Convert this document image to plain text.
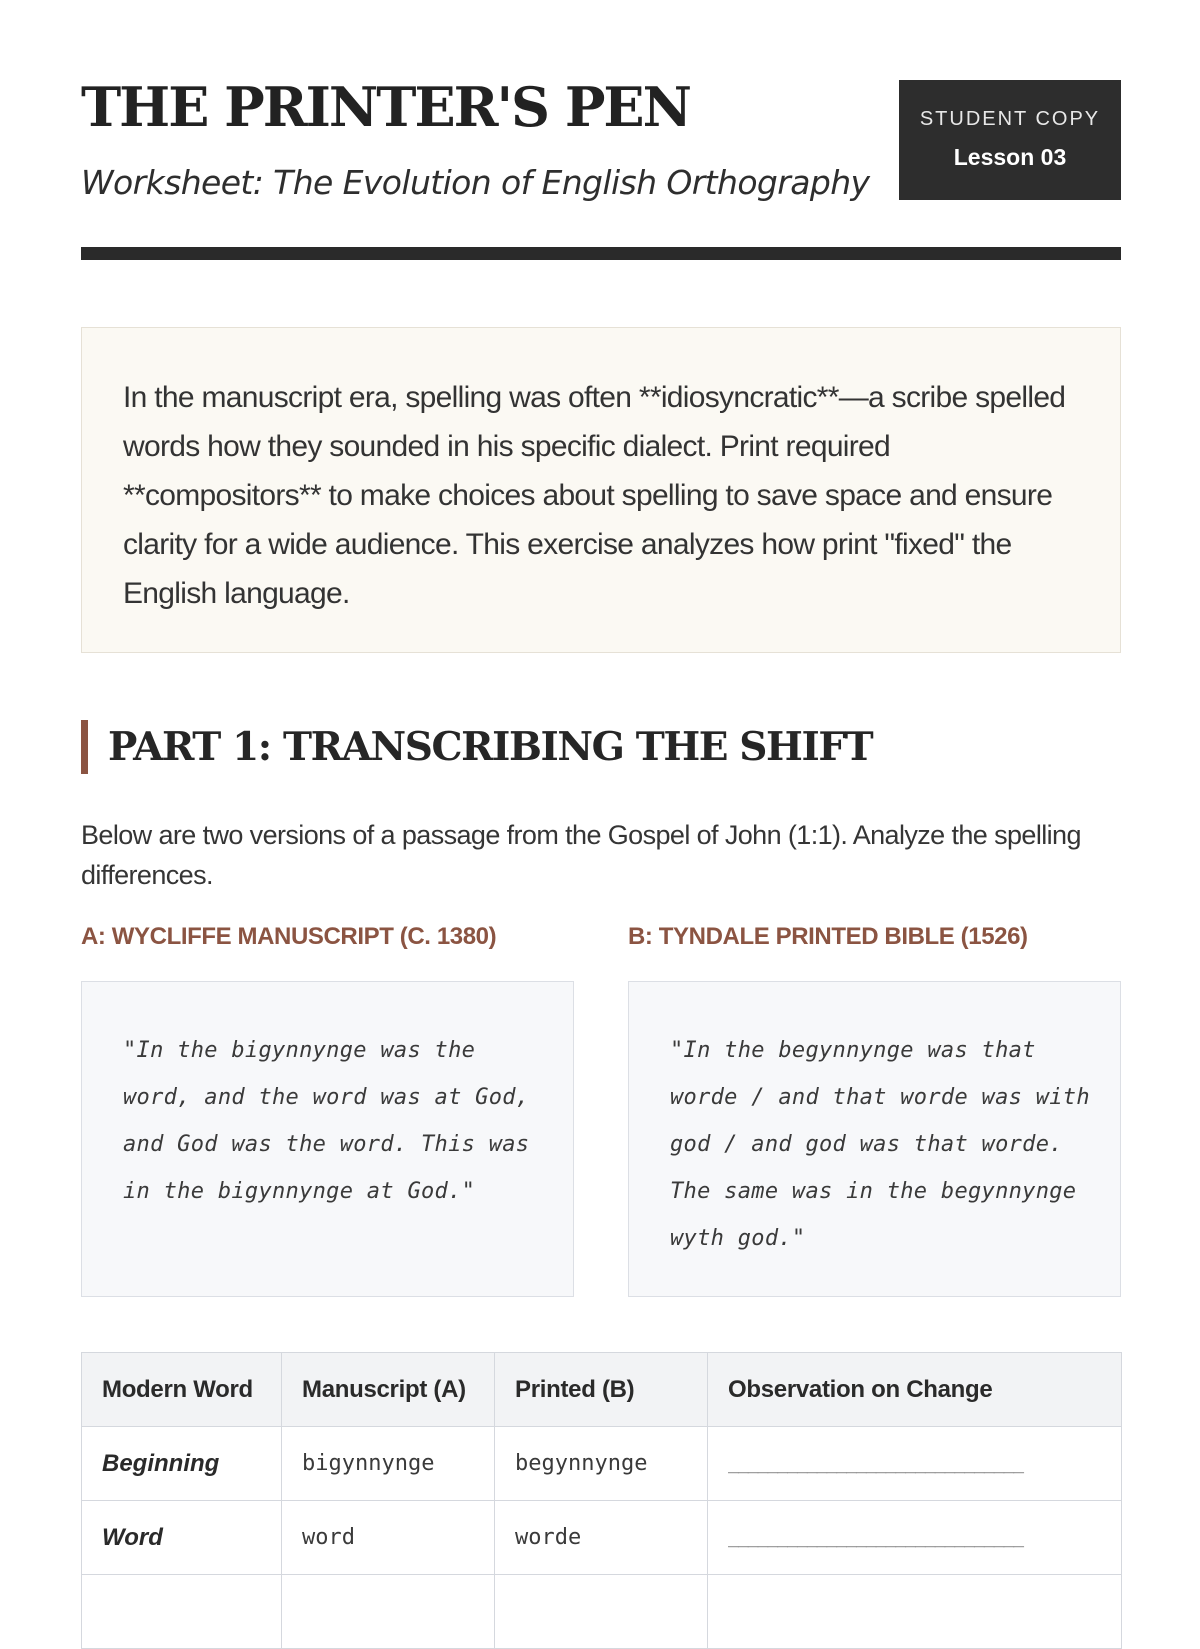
THE PRINTER'S PEN

Worksheet: The Evolution of English Orthography

STUDENT COPY
Lesson 03
In the manuscript era, spelling was often **idiosyncratic**—a scribe spelled words how they sounded in his specific dialect. Print required **compositors** to make choices about spelling to save space and ensure clarity for a wide audience. This exercise analyzes how print "fixed" the English language.
PART 1: TRANSCRIBING THE SHIFT
Below are two versions of a passage from the Gospel of John (1:1). Analyze the spelling differences.
A: WYCLIFFE MANUSCRIPT (C. 1380)	B: TYNDALE PRINTED BIBLE (1526)
"In the bigynnynge was the word, and the word was at God, and God was the word. This was in the bigynnynge at God."
"In the begynnynge was that worde / and that worde was with god / and god was that worde. The same was in the begynnynge wyth god."
Modern Word	Manuscript (A)	Printed (B)	Observation on Change
Beginning	bigynnynge	begynnynge	______________________________
Word	word	worde	______________________________
